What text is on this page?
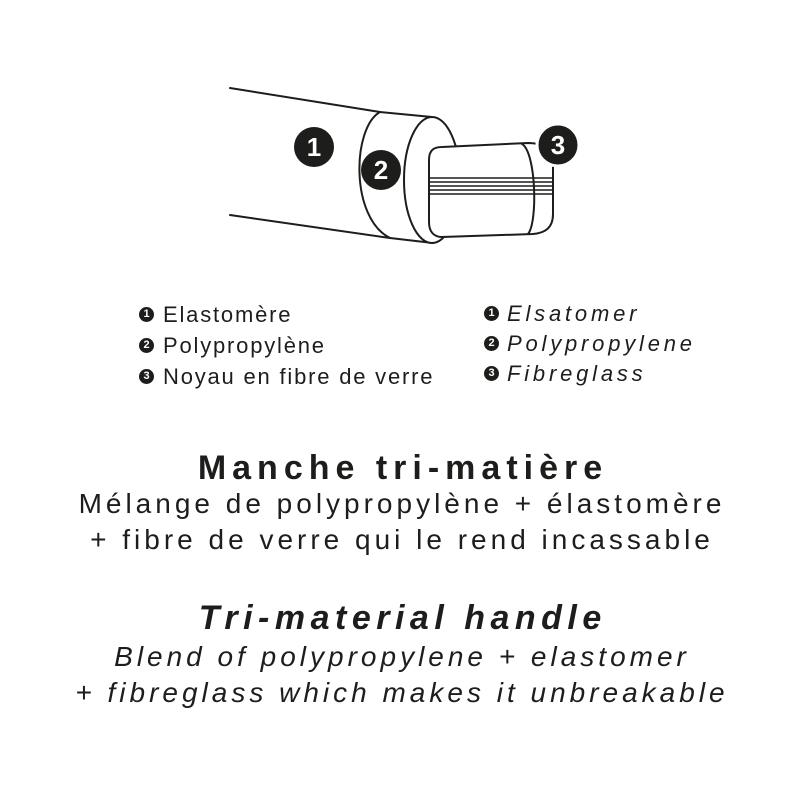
1
2
3
1 Elastomère
2 Polypropylène
3 Noyau en fibre de verre
1 Elsatomer
2 Polypropylene
3 Fibreglass
Manche tri-matière
Mélange de polypropylène + élastomère
+ fibre de verre qui le rend incassable
Tri-material handle
Blend of polypropylene + elastomer
+ fibreglass which makes it unbreakable
